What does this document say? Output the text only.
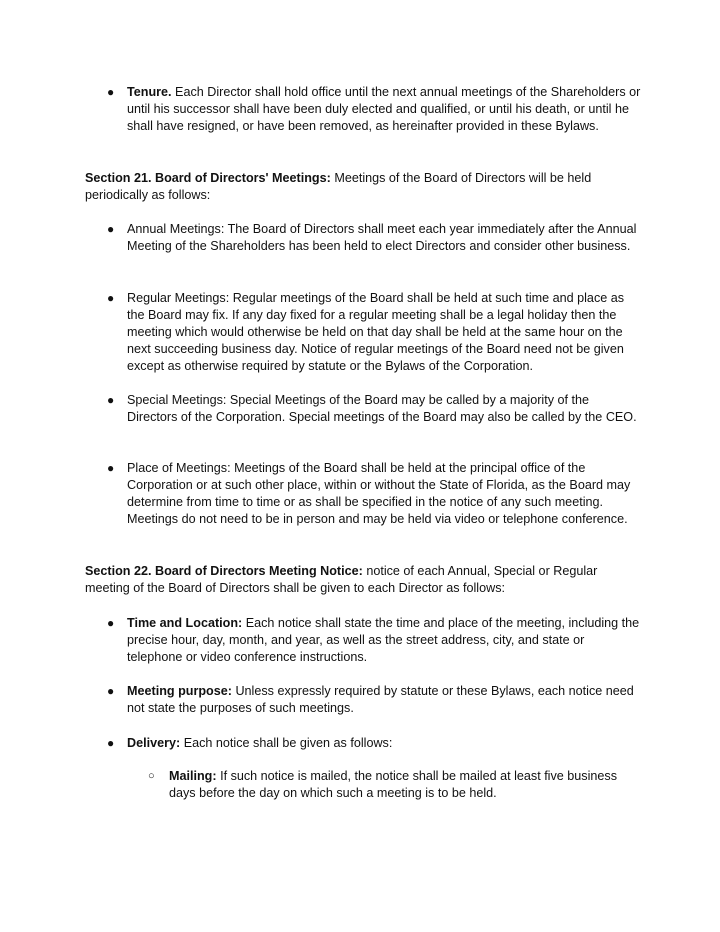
● Tenure. Each Director shall hold office until the next annual meetings of the Shareholders or until his successor shall have been duly elected and qualified, or until his death, or until he shall have resigned, or have been removed, as hereinafter provided in these Bylaws.

Section 21. Board of Directors' Meetings: Meetings of the Board of Directors will be held periodically as follows:

● Annual Meetings: The Board of Directors shall meet each year immediately after the Annual Meeting of the Shareholders has been held to elect Directors and consider other business.

● Regular Meetings: Regular meetings of the Board shall be held at such time and place as the Board may fix. If any day fixed for a regular meeting shall be a legal holiday then the meeting which would otherwise be held on that day shall be held at the same hour on the next succeeding business day. Notice of regular meetings of the Board need not be given except as otherwise required by statute or the Bylaws of the Corporation.

● Special Meetings: Special Meetings of the Board may be called by a majority of the Directors of the Corporation. Special meetings of the Board may also be called by the CEO.

● Place of Meetings: Meetings of the Board shall be held at the principal office of the Corporation or at such other place, within or without the State of Florida, as the Board may determine from time to time or as shall be specified in the notice of any such meeting. Meetings do not need to be in person and may be held via video or telephone conference.

Section 22. Board of Directors Meeting Notice: notice of each Annual, Special or Regular meeting of the Board of Directors shall be given to each Director as follows:

● Time and Location: Each notice shall state the time and place of the meeting, including the precise hour, day, month, and year, as well as the street address, city, and state or telephone or video conference instructions.

● Meeting purpose: Unless expressly required by statute or these Bylaws, each notice need not state the purposes of such meetings.

● Delivery: Each notice shall be given as follows:

○ Mailing: If such notice is mailed, the notice shall be mailed at least five business days before the day on which such a meeting is to be held.
